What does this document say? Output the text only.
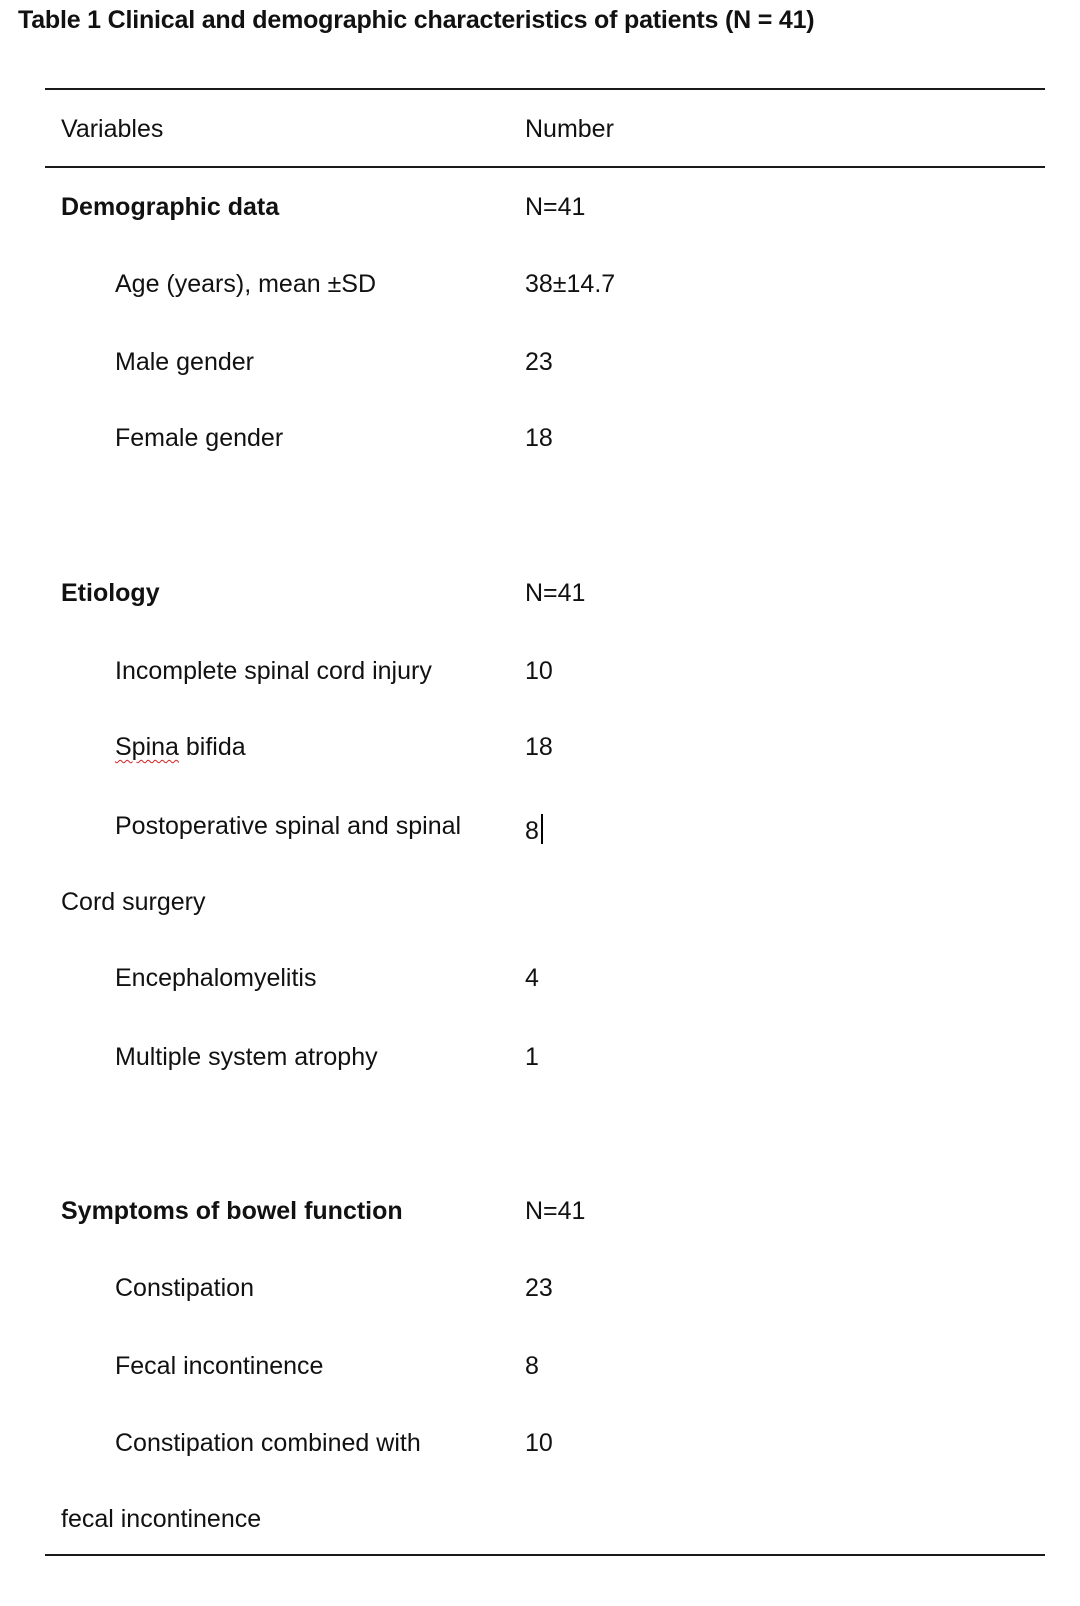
Table 1 Clinical and demographic characteristics of patients (N = 41)
Variables	Number
Demographic data	N=41
Age (years), mean ±SD	38±14.7
Male gender	23
Female gender	18
Etiology	N=41
Incomplete spinal cord injury	10
Spina bifida	18
Postoperative spinal and spinal	8
Cord surgery
Encephalomyelitis	4
Multiple system atrophy	1
Symptoms of bowel function	N=41
Constipation	23
Fecal incontinence	8
Constipation combined with	10
fecal incontinence
